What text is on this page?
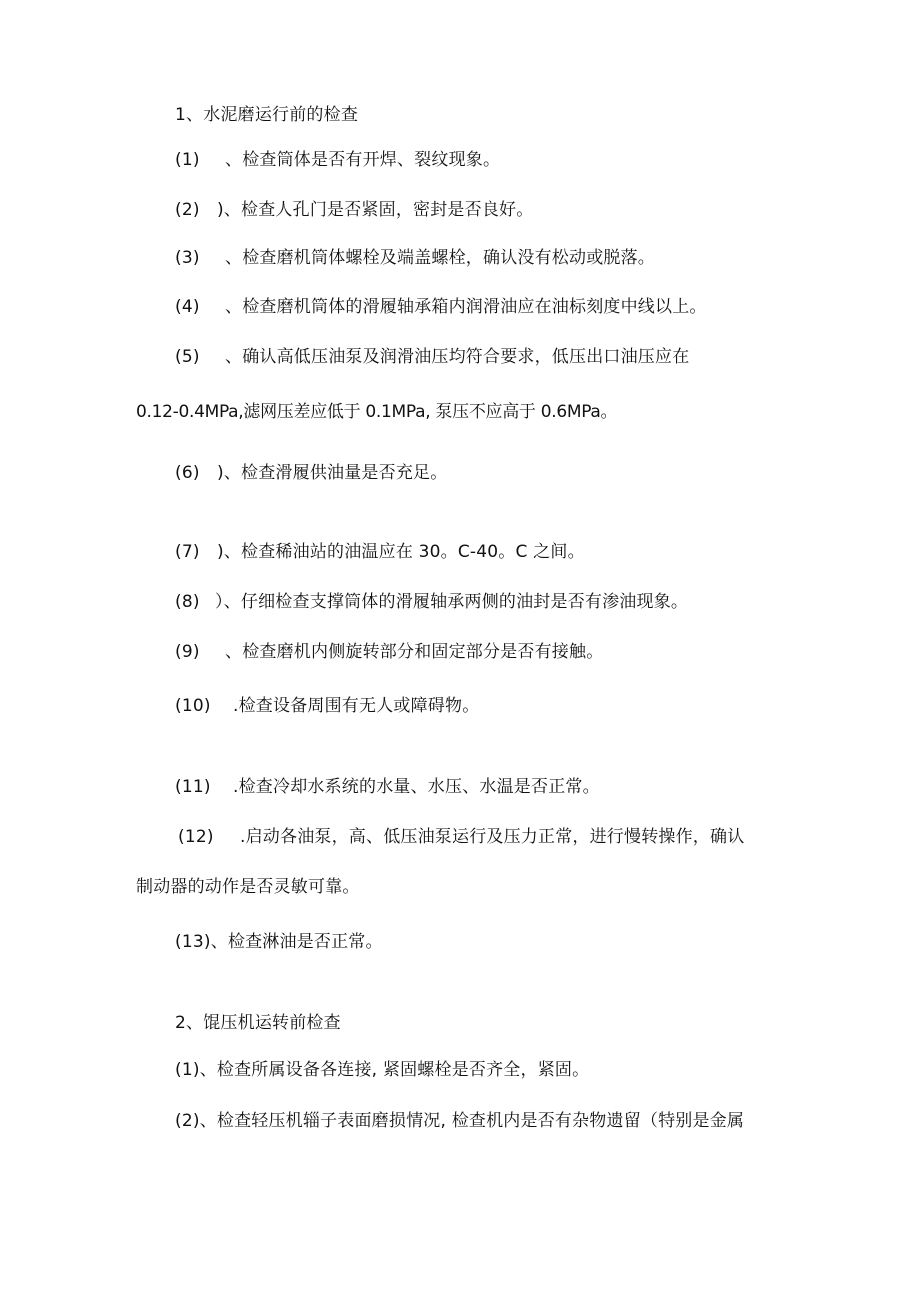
1、水泥磨运行前的检查
(1) 、检查筒体是否有开焊、裂纹现象。
(2) )、检查人孔门是否紧固，密封是否良好。
(3) 、检查磨机筒体螺栓及端盖螺栓，确认没有松动或脱落。
(4) 、检查磨机筒体的滑履轴承箱内润滑油应在油标刻度中线以上。
(5) 、确认高低压油泵及润滑油压均符合要求，低压出口油压应在
0.12-0.4MPa,滤网压差应低于 0.1MPa, 泵压不应高于 0.6MPa。
(6) )、检查滑履供油量是否充足。
(7) )、检查稀油站的油温应在 30。C-40。C 之间。
(8) ）、仔细检查支撑筒体的滑履轴承两侧的油封是否有渗油现象。
(9) 、检查磨机内侧旋转部分和固定部分是否有接触。
(10) .检查设备周围有无人或障碍物。
(11) .检查冷却水系统的水量、水压、水温是否正常。
(12) .启动各油泵，高、低压油泵运行及压力正常，进行慢转操作，确认
制动器的动作是否灵敏可靠。
(13)、检查淋油是否正常。
2、馄压机运转前检查
(1)、检查所属设备各连接, 紧固螺栓是否齐全，紧固。
(2)、检查轻压机辎子表面磨损情况, 检查机内是否有杂物遗留（特别是金属
